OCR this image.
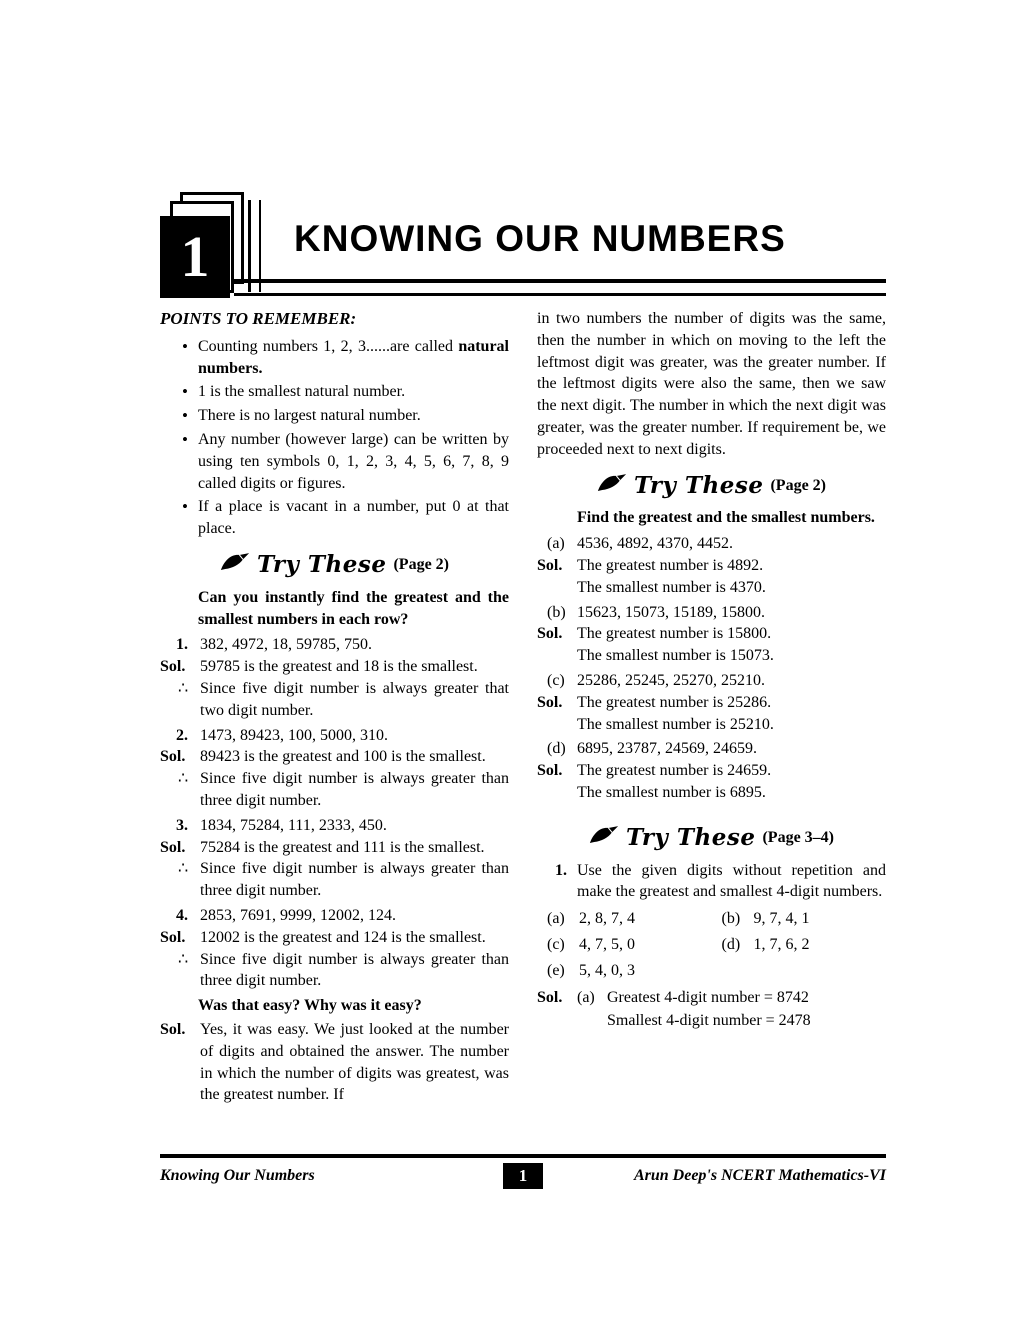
1 KNOWING OUR NUMBERS
POINTS TO REMEMBER:
• Counting numbers 1, 2, 3......are called natural numbers.
• 1 is the smallest natural number.
• There is no largest natural number.
• Any number (however large) can be written by using ten symbols 0, 1, 2, 3, 4, 5, 6, 7, 8, 9 called digits or figures.
• If a place is vacant in a number, put 0 at that place.
Try These (Page 2)
Can you instantly find the greatest and the smallest numbers in each row?
1. 382, 4972, 18, 59785, 750.
Sol. 59785 is the greatest and 18 is the smallest.
∴ Since five digit number is always greater that two digit number.
2. 1473, 89423, 100, 5000, 310.
Sol. 89423 is the greatest and 100 is the smallest.
∴ Since five digit number is always greater than three digit number.
3. 1834, 75284, 111, 2333, 450.
Sol. 75284 is the greatest and 111 is the smallest.
∴ Since five digit number is always greater than three digit number.
4. 2853, 7691, 9999, 12002, 124.
Sol. 12002 is the greatest and 124 is the smallest.
∴ Since five digit number is always greater than three digit number.
Was that easy? Why was it easy?
Sol. Yes, it was easy. We just looked at the number of digits and obtained the answer. The number in which the number of digits was greatest, was the greatest number. If
in two numbers the number of digits was the same, then the number in which on moving to the left the leftmost digit was greater, was the greater number. If the leftmost digits were also the same, then we saw the next digit. The number in which the next digit was greater, was the greater number. If requirement be, we proceeded next to next digits.
Try These (Page 2)
Find the greatest and the smallest numbers.
(a) 4536, 4892, 4370, 4452.
Sol. The greatest number is 4892.
The smallest number is 4370.
(b) 15623, 15073, 15189, 15800.
Sol. The greatest number is 15800.
The smallest number is 15073.
(c) 25286, 25245, 25270, 25210.
Sol. The greatest number is 25286.
The smallest number is 25210.
(d) 6895, 23787, 24569, 24659.
Sol. The greatest number is 24659.
The smallest number is 6895.
Try These (Page 3–4)
1. Use the given digits without repetition and make the greatest and smallest 4-digit numbers.
(a) 2, 8, 7, 4	(b) 9, 7, 4, 1
(c) 4, 7, 5, 0	(d) 1, 7, 6, 2
(e) 5, 4, 0, 3
Sol. (a) Greatest 4-digit number = 8742
Smallest 4-digit number = 2478
Knowing Our Numbers	1	Arun Deep's NCERT Mathematics-VI
